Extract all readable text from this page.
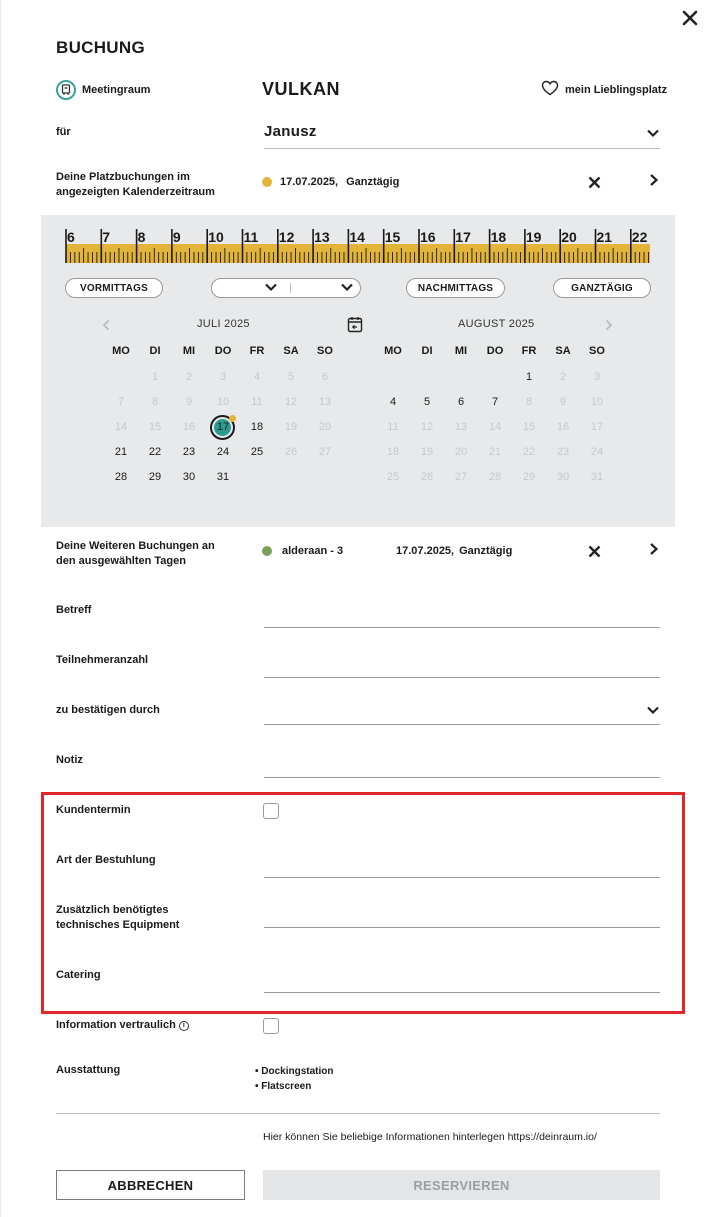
BUCHUNG
Meetingraum	VULKAN	mein Lieblingsplatz
für	Janusz
Deine Platzbuchungen im
angezeigten Kalenderzeitraum
17.07.2025, Ganztägig
6 7 8 9 10 11 12 13 14 15 16 17 18 19 20 21 22
VORMITTAGS	NACHMITTAGS	GANZTÄGIG
JULI 2025	AUGUST 2025
MO	DI	MI	DO	FR	SA	SO
1	2	3	4	5	6
7	8	9	10	11	12	13
14	15	16	17	18	19	20
21	22	23	24	25	26	27
28	29	30	31
MO	DI	MI	DO	FR	SA	SO
1	2	3
4	5	6	7	8	9	10
11	12	13	14	15	16	17
18	19	20	21	22	23	24
25	26	27	28	29	30	31
Deine Weiteren Buchungen an
den ausgewählten Tagen
alderaan - 3	17.07.2025, Ganztägig
Betreff
Teilnehmeranzahl
zu bestätigen durch
Notiz
Kundentermin
Art der Bestuhlung
Zusätzlich benötigtes
technisches Equipment
Catering
Information vertraulich	i
Ausstattung
•	Dockingstation
• Flatscreen
Hier können Sie beliebige Informationen hinterlegen https://deinraum.io/
ABBRECHEN	RESERVIEREN
